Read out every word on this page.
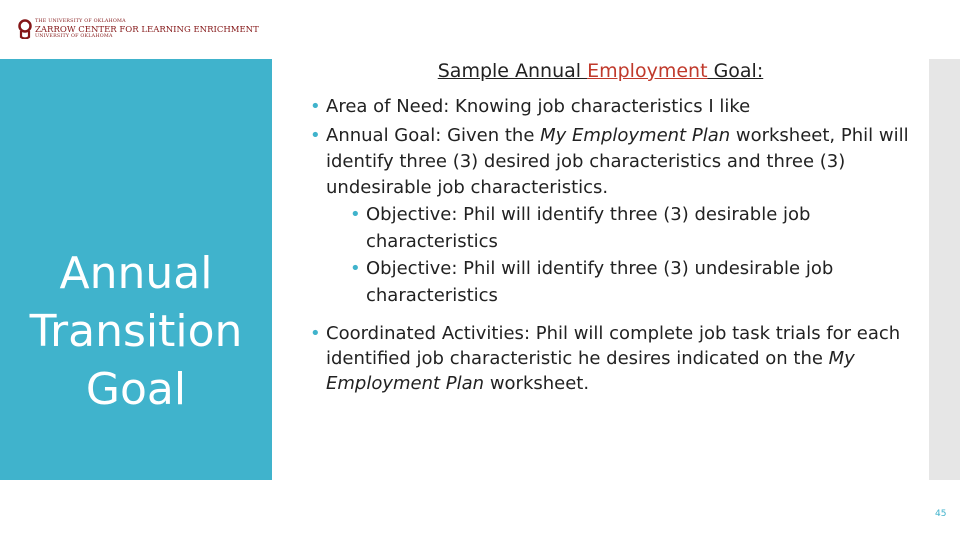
THE UNIVERSITY OF OKLAHOMA
ZARROW CENTER FOR LEARNING ENRICHMENT
UNIVERSITY OF OKLAHOMA
Annual
Transition
Goal
Sample Annual Employment Goal:
• Area of Need: Knowing job characteristics I like
• Annual Goal: Given the My Employment Plan worksheet, Phil will identify three (3) desired job characteristics and three (3) undesirable job characteristics.
• Objective: Phil will identify three (3) desirable job characteristics
• Objective: Phil will identify three (3) undesirable job characteristics
• Coordinated Activities: Phil will complete job task trials for each identified job characteristic he desires indicated on the My Employment Plan worksheet.
45
